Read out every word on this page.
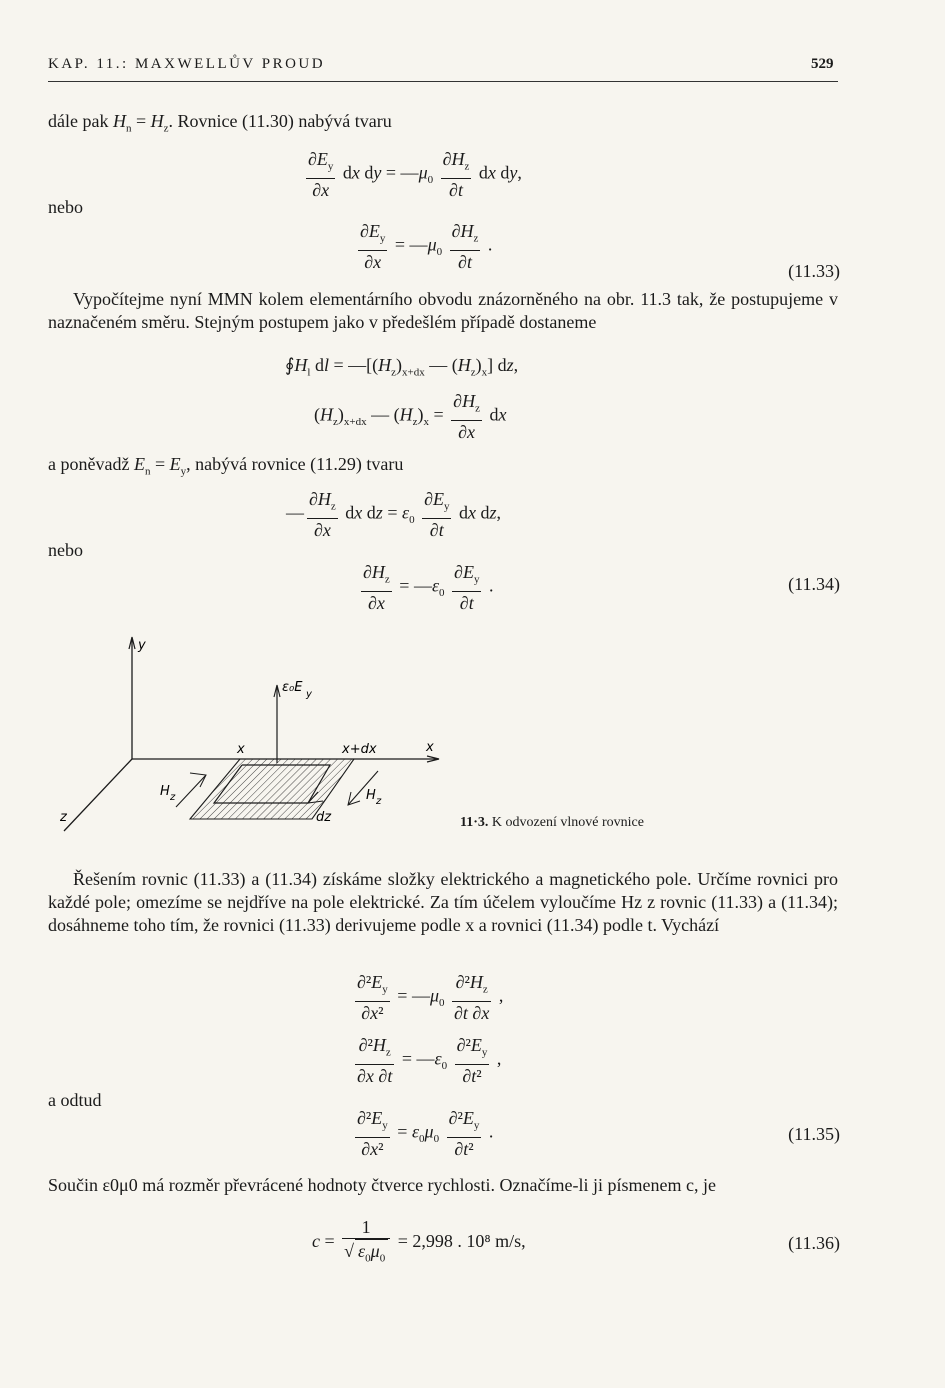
KAP. 11.: MAXWELLŮV PROUD	529
dále pak $H_n = H_z$. Rovnice (11.30) nabývá tvaru
$\frac{\partial E_y}{\partial x}$ dx dy = $—\mu_0 \frac{\partial H_z}{\partial t}$ dx dy,
nebo
$\frac{\partial E_y}{\partial x}$ = $—\mu_0 \frac{\partial H_z}{\partial t}$ .
(11.33)
Vypočítejme nyní MMN kolem elementárního obvodu znázorněného na obr. 11.3 tak, že postupujeme v naznačeném směru. Stejným postupem jako v předešlém případě dostaneme
$∮H_l$ dl = $—[(H_z)_{x+dx}$ — $(H_z)_x$] dz,
$(H_z)_{x+dx}$ — $(H_z)_x = \frac{\partial H_z}{\partial x}$ dx
a poněvadž $E_n = E_y$, nabývá rovnice (11.29) tvaru
— $\frac{\partial H_z}{\partial x}$ dx dz = $\varepsilon_0 \frac{\partial E_y}{\partial t}$ dx dz,
nebo
$\frac{\partial H_z}{\partial x}$ = $—\varepsilon_0 \frac{\partial E_y}{\partial t}$ .	(11.34)
y
x
z
x	x+dx
dz
ε₀E y
H z	H z
11·3. K odvození vlnové rovnice
Řešením rovnic (11.33) a (11.34) získáme složky elektrického a magnetického pole. Určíme rovnici pro každé pole; omezíme se nejdříve na pole elektrické. Za tím účelem vyloučíme Hz z rovnic (11.33) a (11.34); dosáhneme toho tím, že rovnici (11.33) derivujeme podle x a rovnici (11.34) podle t. Vychází
$\frac{\partial^2E_y}{\text{∂x²}}$ = $—\mu_0 \frac{\partial^2H_z}{\partial t \partial x}$ ,
$\frac{\partial^2H_z}{\partial x \partial t}$ = $—\varepsilon_0 \frac{\partial^2E_y}{\text{∂t²}}$ ,
a odtud
$\frac{\partial^2E_y}{\text{∂x²}} = \varepsilon_0\mu_0 \frac{\partial^2E_y}{\text{∂t²}}$ .	(11.35)
Součin ε0μ0 má rozměr převrácené hodnoty čtverce rychlosti. Označíme-li ji písmenem c, je
$c = \frac{1}{√ \varepsilon_0\mu_0} = 2,998$ . 10⁸ m/s,	(11.36)
